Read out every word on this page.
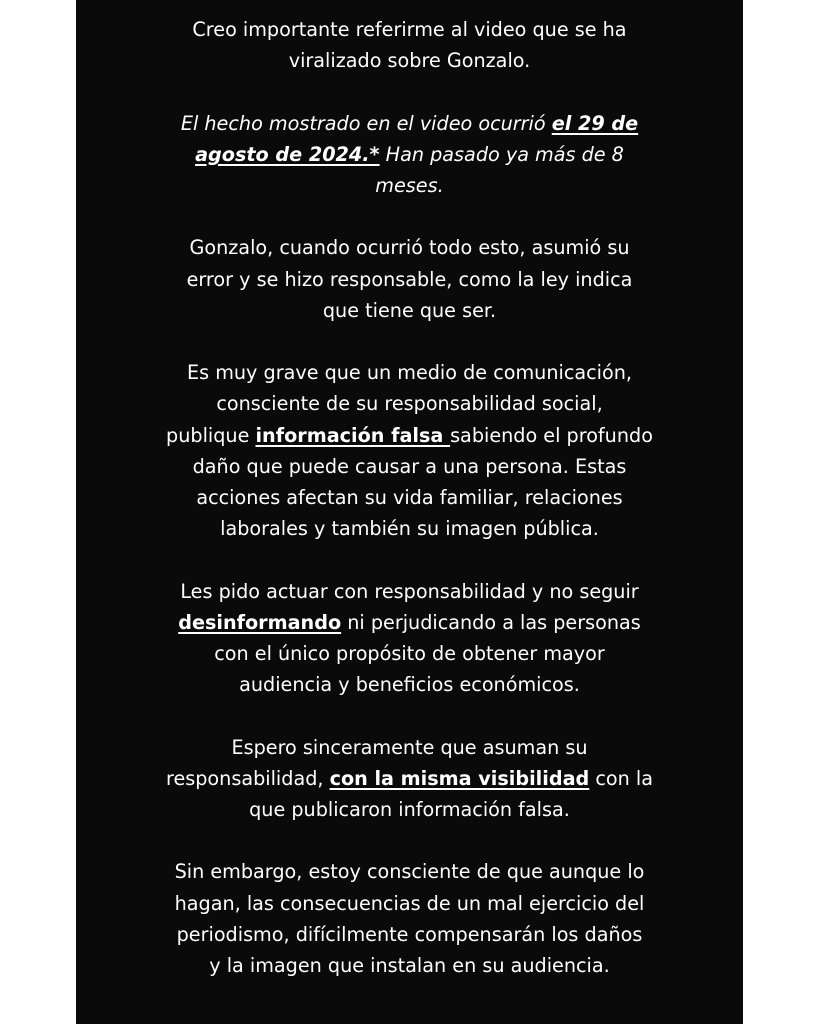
Creo importante referirme al video que se ha
viralizado sobre Gonzalo.

El hecho mostrado en el video ocurrió el 29 de
agosto de 2024.* Han pasado ya más de 8
meses.

Gonzalo, cuando ocurrió todo esto, asumió su
error y se hizo responsable, como la ley indica
que tiene que ser.

Es muy grave que un medio de comunicación,
consciente de su responsabilidad social,
publique información falsa sabiendo el profundo
daño que puede causar a una persona. Estas
acciones afectan su vida familiar, relaciones
laborales y también su imagen pública.

Les pido actuar con responsabilidad y no seguir
desinformando ni perjudicando a las personas
con el único propósito de obtener mayor
audiencia y beneficios económicos.

Espero sinceramente que asuman su
responsabilidad, con la misma visibilidad con la
que publicaron información falsa.

Sin embargo, estoy consciente de que aunque lo
hagan, las consecuencias de un mal ejercicio del
periodismo, difícilmente compensarán los daños
y la imagen que instalan en su audiencia.
